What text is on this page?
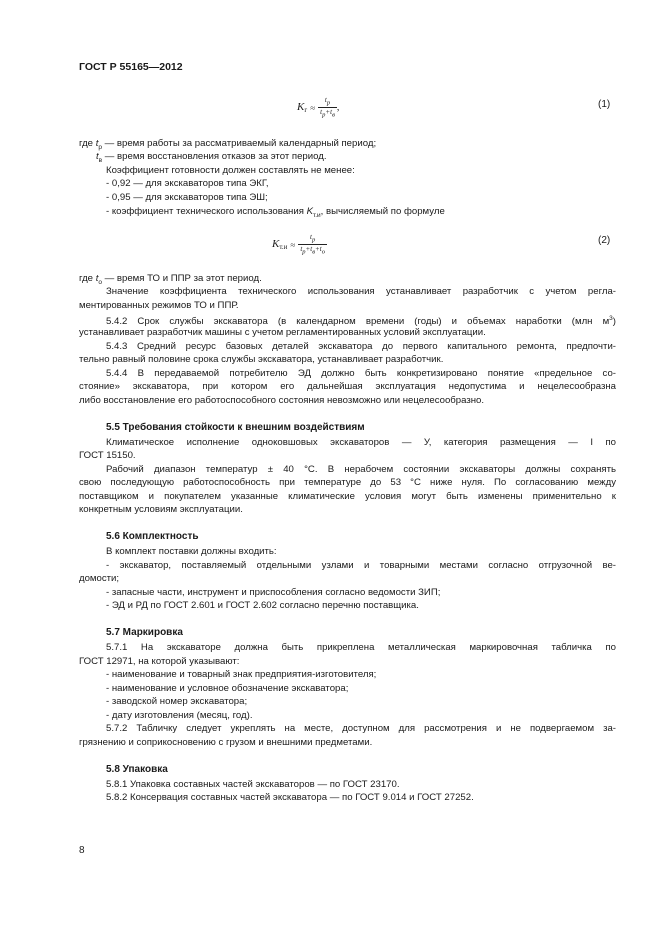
ГОСТ Р 55165—2012
Kг ≈ $\frac{t_р}{t_р+t_в}$ ,	(1)
где $t_р$ — время работы за рассматриваемый календарный период;
$t_в$ — время восстановления отказов за этот период.
Коэффициент готовности должен составлять не менее:
- 0,92 — для экскаваторов типа ЭКГ,
- 0,95 — для экскаваторов типа ЭШ;
- коэффициент технического использования $K_{т.и}$, вычисляемый по формуле
$Kт.и \approx \frac{t_р}{t_р+t_в+t_о}$	(2)
где $t_о$ — время ТО и ППР за этот период.
Значение коэффициента технического использования устанавливает разработчик с учетом регла-
ментированных режимов ТО и ППР.
5.4.2 Срок службы экскаватора (в календарном времени (годы) и объемах наработки (млн $м^3$)
устанавливает разработчик машины с учетом регламентированных условий эксплуатации.
5.4.3 Средний ресурс базовых деталей экскаватора до первого капитального ремонта, предпочти-
тельно равный половине срока службы экскаватора, устанавливает разработчик.
5.4.4 В передаваемой потребителю ЭД должно быть конкретизировано понятие «предельное со-
стояние» экскаватора, при котором его дальнейшая эксплуатация недопустима и нецелесообразна
либо восстановление его работоспособного состояния невозможно или нецелесообразно.
5.5 Требования стойкости к внешним воздействиям
Климатическое исполнение одноковшовых экскаваторов — У, категория размещения — I по
ГОСТ 15150.
Рабочий диапазон температур ± 40 °С. В нерабочем состоянии экскаваторы должны сохранять
свою последующую работоспособность при температуре до 53 °С ниже нуля. По согласованию между
поставщиком и покупателем указанные климатические условия могут быть изменены применительно к
конкретным условиям эксплуатации.
5.6 Комплектность
В комплект поставки должны входить:
- экскаватор, поставляемый отдельными узлами и товарными местами согласно отгрузочной ве-
домости;
- запасные части, инструмент и приспособления согласно ведомости ЗИП;
- ЭД и РД по ГОСТ 2.601 и ГОСТ 2.602 согласно перечню поставщика.
5.7 Маркировка
5.7.1 На экскаваторе должна быть прикреплена металлическая маркировочная табличка по
ГОСТ 12971, на которой указывают:
- наименование и товарный знак предприятия-изготовителя;
- наименование и условное обозначение экскаватора;
- заводской номер экскаватора;
- дату изготовления (месяц, год).
5.7.2 Табличку следует укреплять на месте, доступном для рассмотрения и не подвергаемом за-
грязнению и соприкосновению с грузом и внешними предметами.
5.8 Упаковка
5.8.1 Упаковка составных частей экскаваторов — по ГОСТ 23170.
5.8.2 Консервация составных частей экскаватора — по ГОСТ 9.014 и ГОСТ 27252.
8
